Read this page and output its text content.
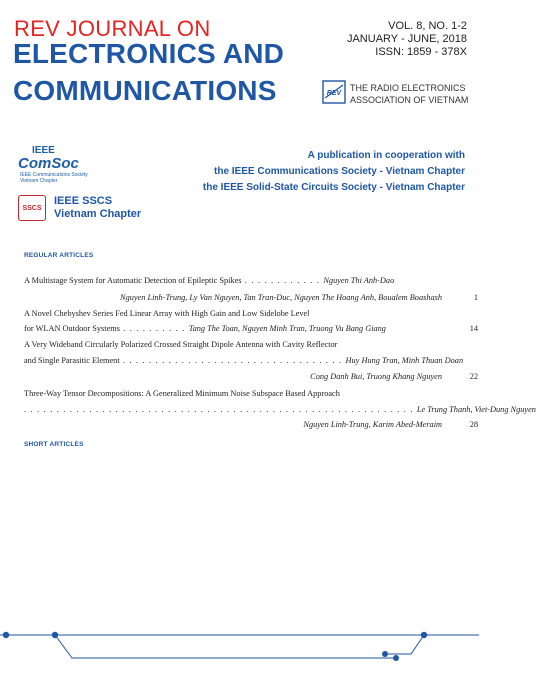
REV JOURNAL ON
ELECTRONICS AND
COMMUNICATIONS
VOL. 8, NO. 1-2
JANUARY - JUNE, 2018
ISSN: 1859 - 378X
REV
THE RADIO ELECTRONICS
ASSOCIATION OF VIETNAM
IEEE
ComSoc
IEEE Communications Society
Vietnam Chapter
SSCS
IEEE SSCS
Vietnam Chapter
A publication in cooperation with
the IEEE Communications Society - Vietnam Chapter
the IEEE Solid-State Circuits Society - Vietnam Chapter
REGULAR ARTICLES
A Multistage System for Automatic Detection of Epileptic Spikes . . . . . . . . . . . . Nguyen Thi Anh-Dao
Nguyen Linh-Trung, Ly Van Nguyen, Tan Tran-Duc, Nguyen The Hoang Anh, Boualem Boashash	1
A Novel Chebyshev Series Fed Linear Array with High Gain and Low Sidelobe Level
for WLAN Outdoor Systems . . . . . . . . . . Tang The Toan, Nguyen Minh Tran, Truong Vu Bang Giang	14
A Very Wideband Circularly Polarized Crossed Straight Dipole Antenna with Cavity Reflector
and Single Parasitic Element . . . . . . . . . . . . . . . . . . . . . . . . . . . . . . . . . . Huy Hung Tran, Minh Thuan Doan
Cong Danh Bui, Truong Khang Nguyen	22
Three-Way Tensor Decompositions: A Generalized Minimum Noise Subspace Based Approach
. . . . . . . . . . . . . . . . . . . . . . . . . . . . . . . . . . . . . . . . . . . . . . . . . . . . . . . . . . . . Le Trung Thanh, Viet-Dung Nguyen
Nguyen Linh-Trung, Karim Abed-Meraim	28
SHORT ARTICLES
